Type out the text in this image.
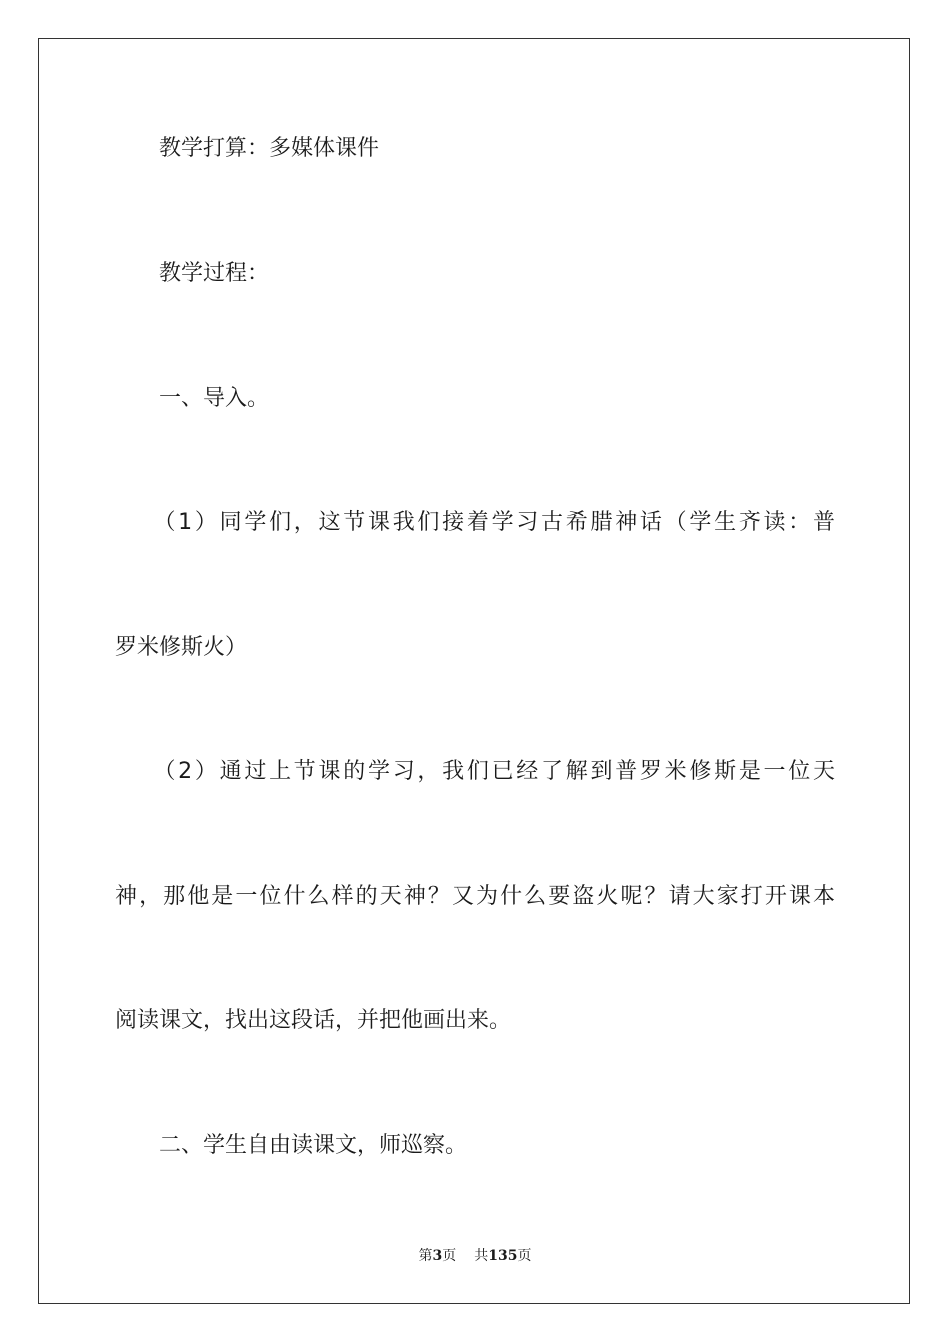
　　教学打算：多媒体课件
　　教学过程：
　　一、导入。
　　（1）同学们，这节课我们接着学习古希腊神话（学生齐读：普
罗米修斯火）
　　（2）通过上节课的学习，我们已经了解到普罗米修斯是一位天
神，那他是一位什么样的天神？又为什么要盗火呢？请大家打开课本
阅读课文，找出这段话，并把他画出来。
　　二、学生自由读课文，师巡察。
第3页 共135页
